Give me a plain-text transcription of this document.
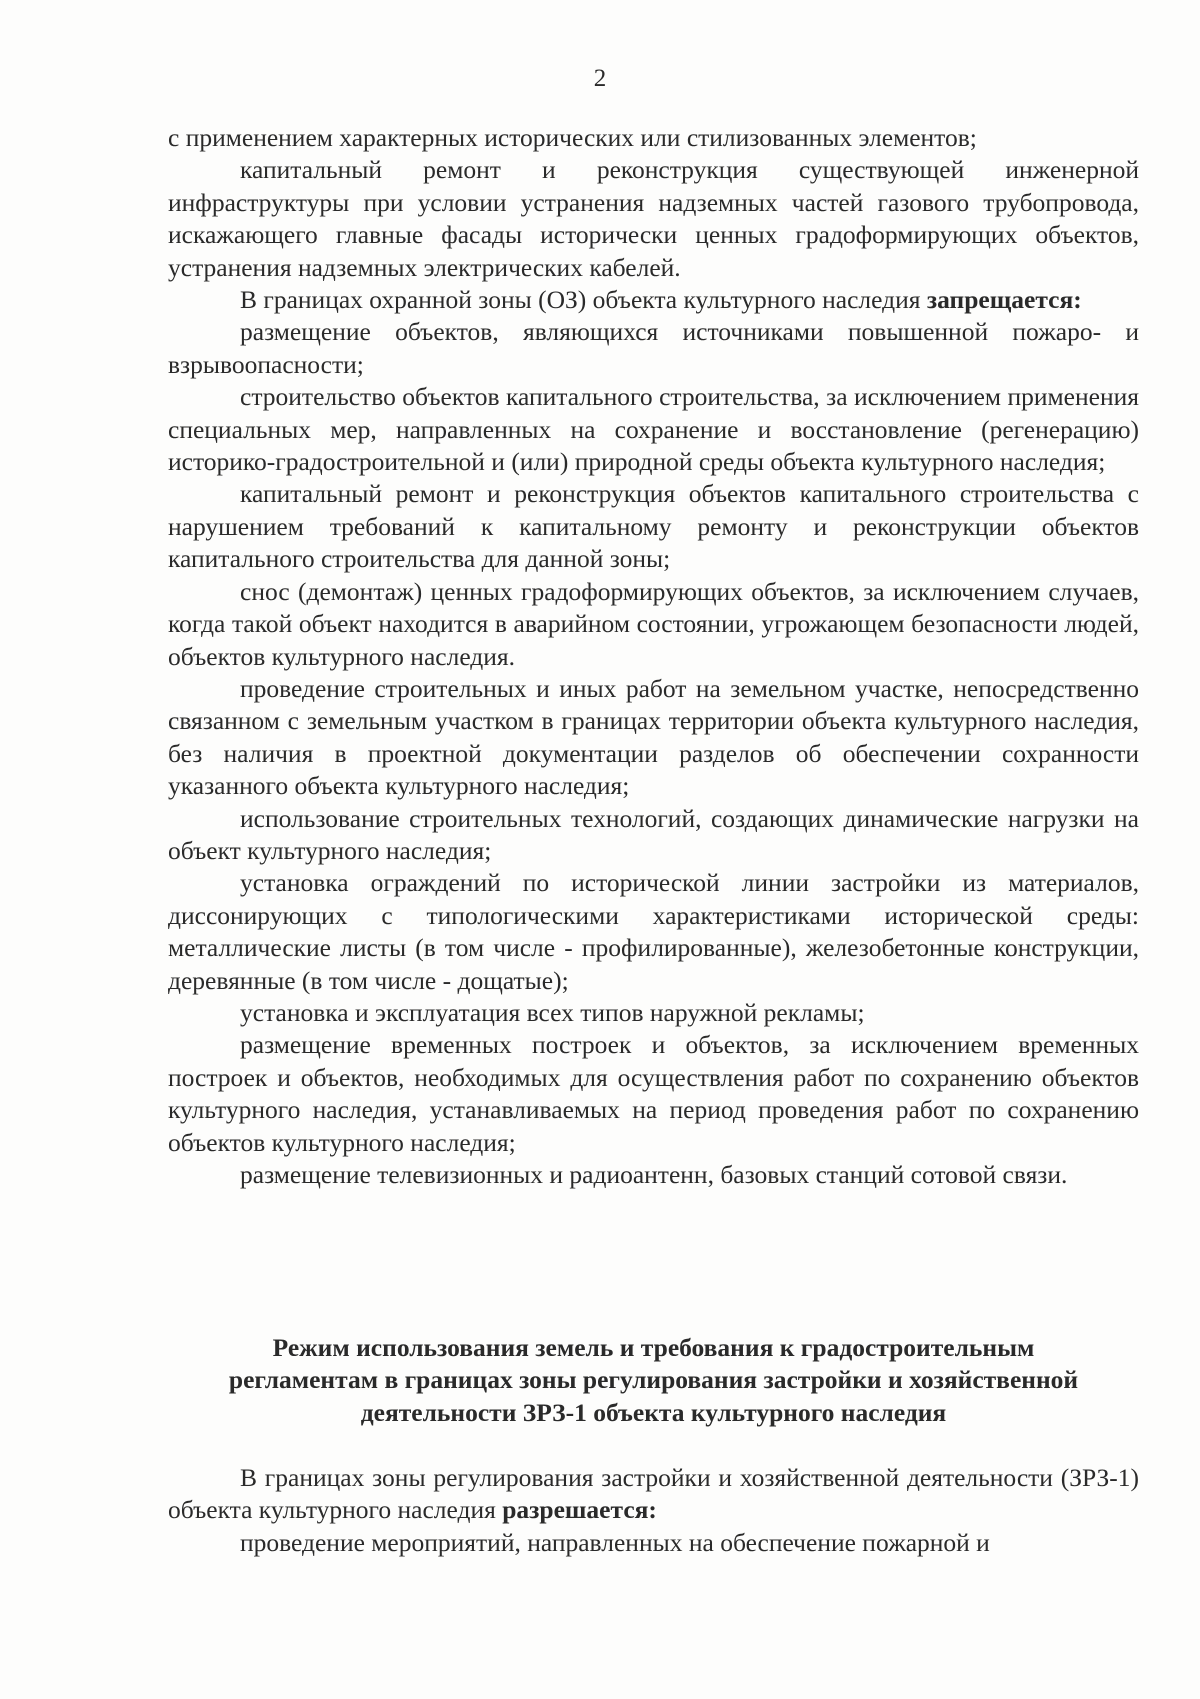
2

с применением характерных исторических или стилизованных элементов;

капитальный ремонт и реконструкция существующей инженерной инфраструктуры при условии устранения надземных частей газового трубопровода, искажающего главные фасады исторически ценных градоформирующих объектов, устранения надземных электрических кабелей.

В границах охранной зоны (ОЗ) объекта культурного наследия запрещается:

размещение объектов, являющихся источниками повышенной пожаро- и взрывоопасности;

строительство объектов капитального строительства, за исключением применения специальных мер, направленных на сохранение и восстановление (регенерацию) историко-градостроительной и (или) природной среды объекта культурного наследия;

капитальный ремонт и реконструкция объектов капитального строительства с нарушением требований к капитальному ремонту и реконструкции объектов капитального строительства для данной зоны;

снос (демонтаж) ценных градоформирующих объектов, за исключением случаев, когда такой объект находится в аварийном состоянии, угрожающем безопасности людей, объектов культурного наследия.

проведение строительных и иных работ на земельном участке, непосредственно связанном с земельным участком в границах территории объекта культурного наследия, без наличия в проектной документации разделов об обеспечении сохранности указанного объекта культурного наследия;

использование строительных технологий, создающих динамические нагрузки на объект культурного наследия;

установка ограждений по исторической линии застройки из материалов, диссонирующих с типологическими характеристиками исторической среды: металлические листы (в том числе - профилированные), железобетонные конструкции, деревянные (в том числе - дощатые);

установка и эксплуатация всех типов наружной рекламы;

размещение временных построек и объектов, за исключением временных построек и объектов, необходимых для осуществления работ по сохранению объектов культурного наследия, устанавливаемых на период проведения работ по сохранению объектов культурного наследия;

размещение телевизионных и радиоантенн, базовых станций сотовой связи.

Режим использования земель и требования к градостроительным

регламентам в границах зоны регулирования застройки и хозяйственной

деятельности ЗРЗ-1 объекта культурного наследия

В границах зоны регулирования застройки и хозяйственной деятельности (ЗРЗ-1) объекта культурного наследия разрешается:

проведение мероприятий, направленных на обеспечение пожарной и
